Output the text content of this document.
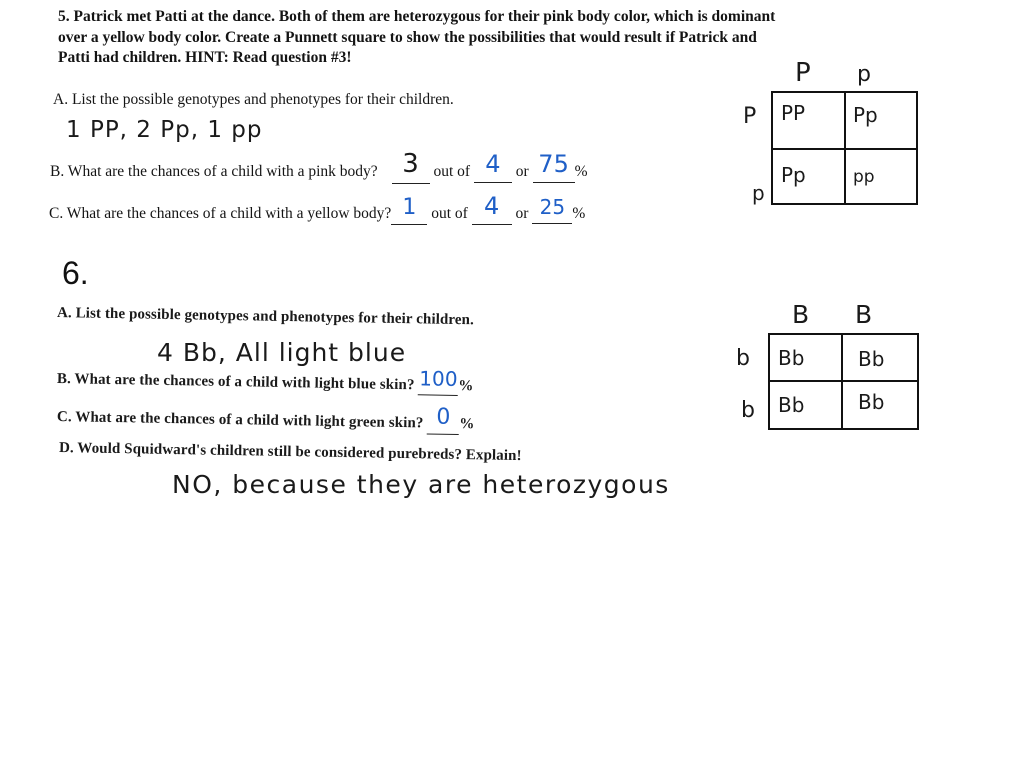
5. Patrick met Patti at the dance. Both of them are heterozygous for their pink body color, which is dominant
over a yellow body color. Create a Punnett square to show the possibilities that would result if Patrick and
Patti had children. HINT: Read question #3!
A. List the possible genotypes and phenotypes for their children.
1 PP, 2 Pp, 1 pp
B. What are the chances of a child with a pink body? 3 out of 4 or 75 %
C. What are the chances of a child with a yellow body? 1 out of 4 or 25 %
P p
P
p
PP	Pp
Pp	pp
6.
A. List the possible genotypes and phenotypes for their children.
4 Bb, All light blue
B. What are the chances of a child with light blue skin? 100%
C. What are the chances of a child with light green skin? 0 %
D. Would Squidward's children still be considered purebreds? Explain!
NO, because they are heterozygous
B B
b
b
Bb	Bb
Bb	Bb
